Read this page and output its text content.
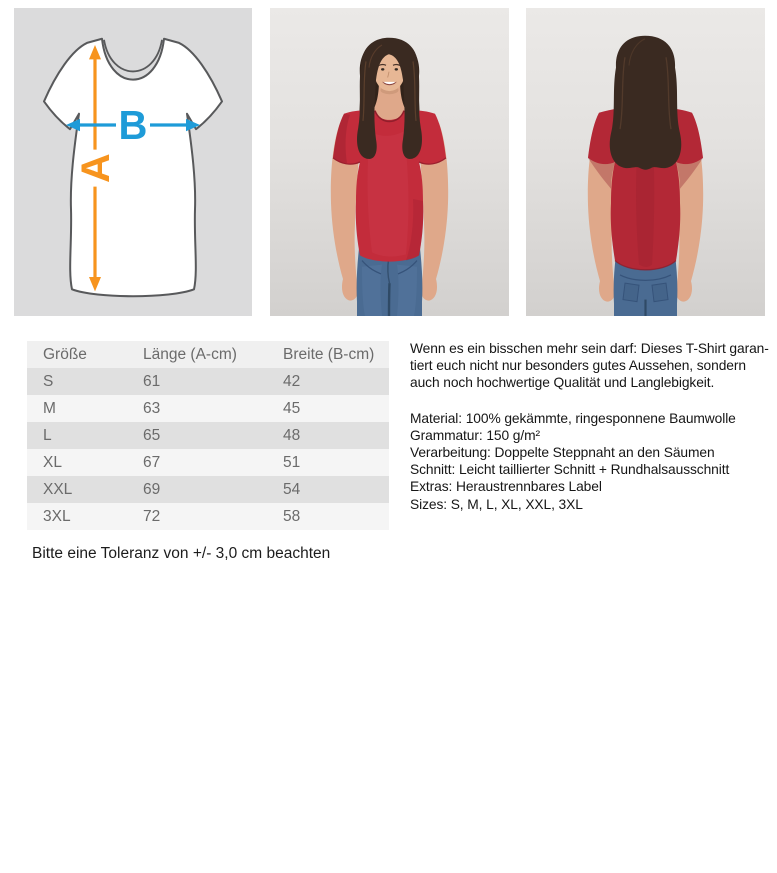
A
B
Größe	Länge (A-cm)	Breite (B-cm)
S	61	42
M	63	45
L	65	48
XL	67	51
XXL	69	54
3XL	72	58
Bitte eine Toleranz von +/- 3,0 cm beachten
Wenn es ein bisschen mehr sein darf: Dieses T-Shirt garan-
tiert euch nicht nur besonders gutes Aussehen, sondern
auch noch hochwertige Qualität und Langlebigkeit.
Material: 100% gekämmte, ringesponnene Baumwolle
Grammatur: 150 g/m²
Verarbeitung: Doppelte Steppnaht an den Säumen
Schnitt: Leicht taillierter Schnitt + Rundhalsausschnitt
Extras: Heraustrennbares Label
Sizes: S, M, L, XL, XXL, 3XL
